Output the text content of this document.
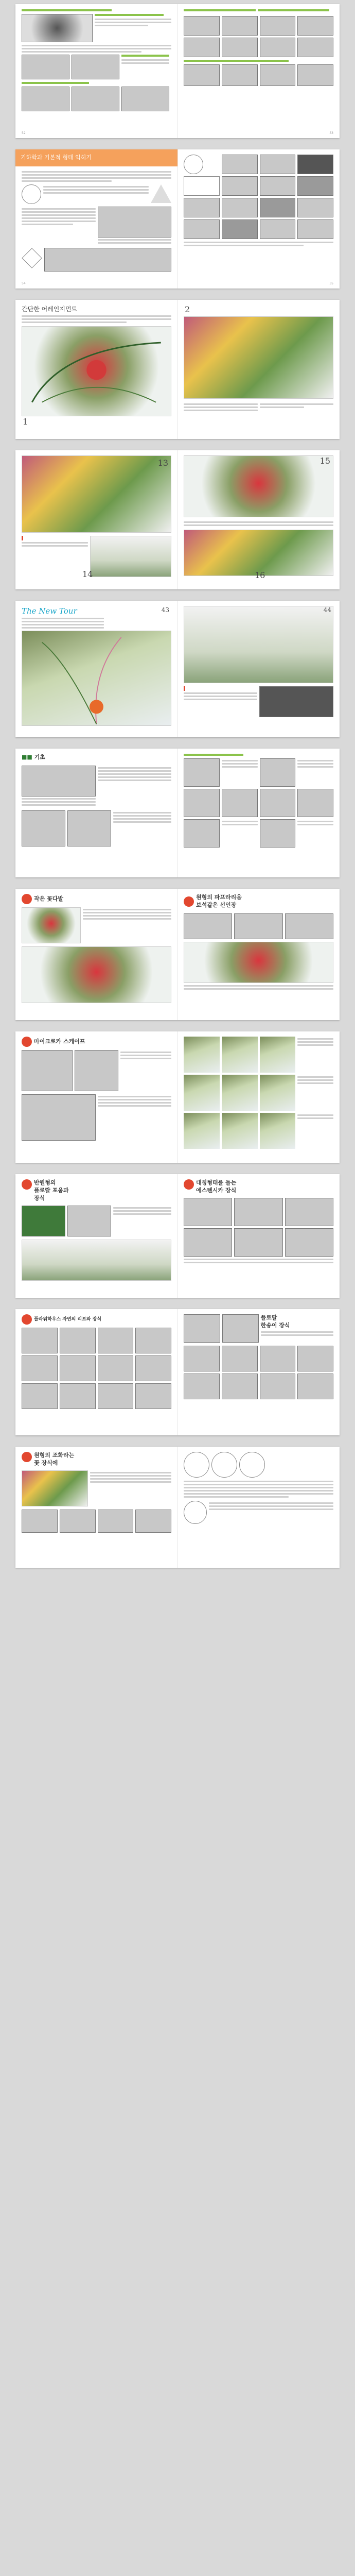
52	53
기하학과 기본적 형태 익히기
54	55
간단한 어레인지먼트
1
2
13

14
15
16
The New Tour	43	44

■■ 기초
작은 꽃다발	원형의 파프라리움
보석같은 선인장
마이크로카 스케이프
반원형의
플로랄 포움과
장식
대칭형태를 돌는
에스텐시카 장식
플라워하우스 자연의 리프와 장식	플로랄
한송이 장식
원형의 조화라는
꽃 장식에
